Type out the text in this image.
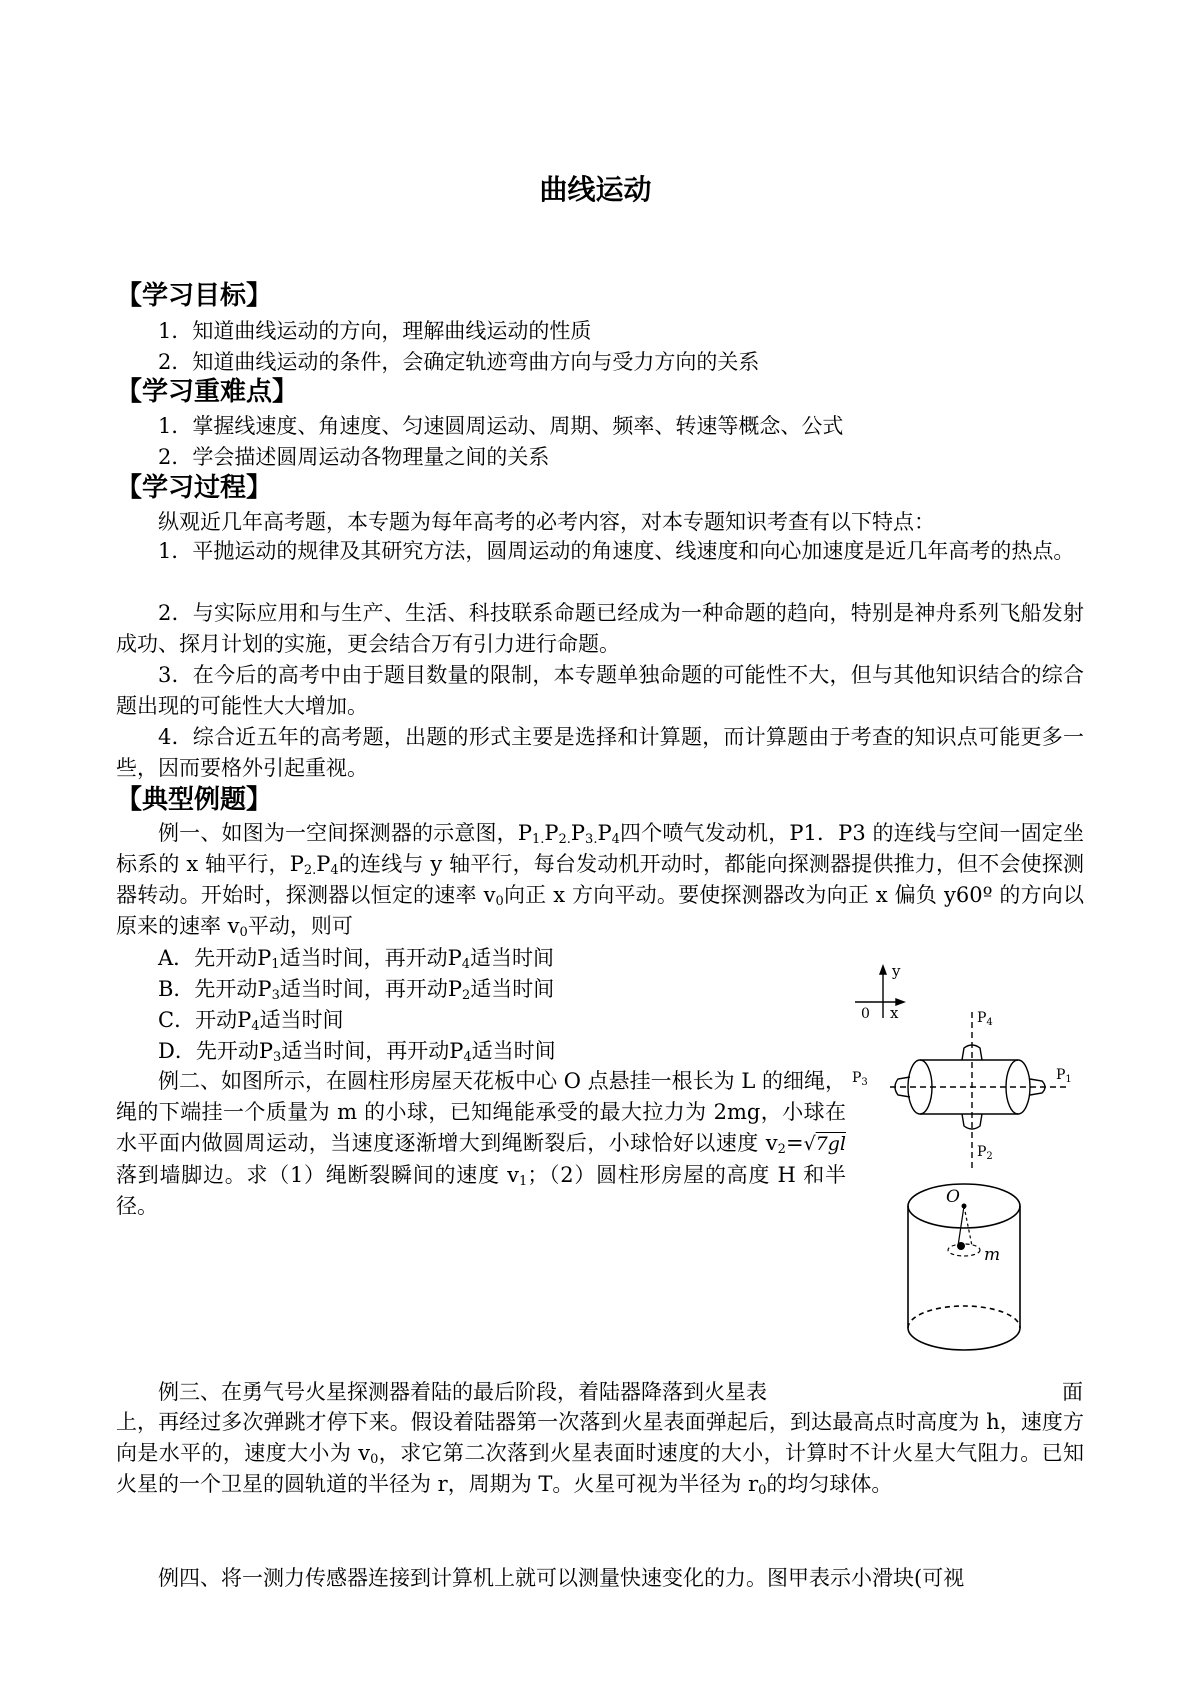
曲线运动
【学习目标】
1．知道曲线运动的方向，理解曲线运动的性质
2．知道曲线运动的条件，会确定轨迹弯曲方向与受力方向的关系
【学习重难点】
1．掌握线速度、角速度、匀速圆周运动、周期、频率、转速等概念、公式
2．学会描述圆周运动各物理量之间的关系
【学习过程】
纵观近几年高考题，本专题为每年高考的必考内容，对本专题知识考查有以下特点：
1．平抛运动的规律及其研究方法，圆周运动的角速度、线速度和向心加速度是近几年高考的热点。
2．与实际应用和与生产、生活、科技联系命题已经成为一种命题的趋向，特别是神舟系列飞船发射成功、探月计划的实施，更会结合万有引力进行命题。
3．在今后的高考中由于题目数量的限制，本专题单独命题的可能性不大，但与其他知识结合的综合题出现的可能性大大增加。
4．综合近五年的高考题，出题的形式主要是选择和计算题，而计算题由于考查的知识点可能更多一些，因而要格外引起重视。
【典型例题】
例一、如图为一空间探测器的示意图，$P_{1.}P_{2.}P_{3.}P_4$四个喷气发动机，P1．P3 的连线与空间一固定坐标系的 x 轴平行，$P_{2.}P_4$的连线与 y 轴平行，每台发动机开动时，都能向探测器提供推力，但不会使探测器转动。开始时，探测器以恒定的速率 $v_0$向正 x 方向平动。要使探测器改为向正 x 偏负 y60º 的方向以原来的速率 $v_0$平动，则可
A．先开动$P_1$适当时间，再开动$P_4$适当时间
B．先开动$P_3$适当时间，再开动$P_2$适当时间
C．开动$P_4$适当时间
D．先开动$P_3$适当时间，再开动$P_4$适当时间
例二、如图所示，在圆柱形房屋天花板中心 O 点悬挂一根长为 L 的细绳，绳的下端挂一个质量为 m 的小球，已知绳能承受的最大拉力为 2mg，小球在水平面内做圆周运动，当速度逐渐增大到绳断裂后，小球恰好以速度 $v_2=√7gl$ 落到墙脚边。求（1）绳断裂瞬间的速度 $v_1$；（2）圆柱形房屋的高度 H 和半径。
y
x
0	$P_4$
$P_3$	$P_1$
$P_2$
O
m
例三、在勇气号火星探测器着陆的最后阶段，着陆器降落到火星表	面
上，再经过多次弹跳才停下来。假设着陆器第一次落到火星表面弹起后，到达最高点时高度为 h，速度方向是水平的，速度大小为 $v_0$，求它第二次落到火星表面时速度的大小，计算时不计火星大气阻力。已知火星的一个卫星的圆轨道的半径为 r，周期为 T。火星可视为半径为 $r_0$的均匀球体。
例四、将一测力传感器连接到计算机上就可以测量快速变化的力。图甲表示小滑块(可视
